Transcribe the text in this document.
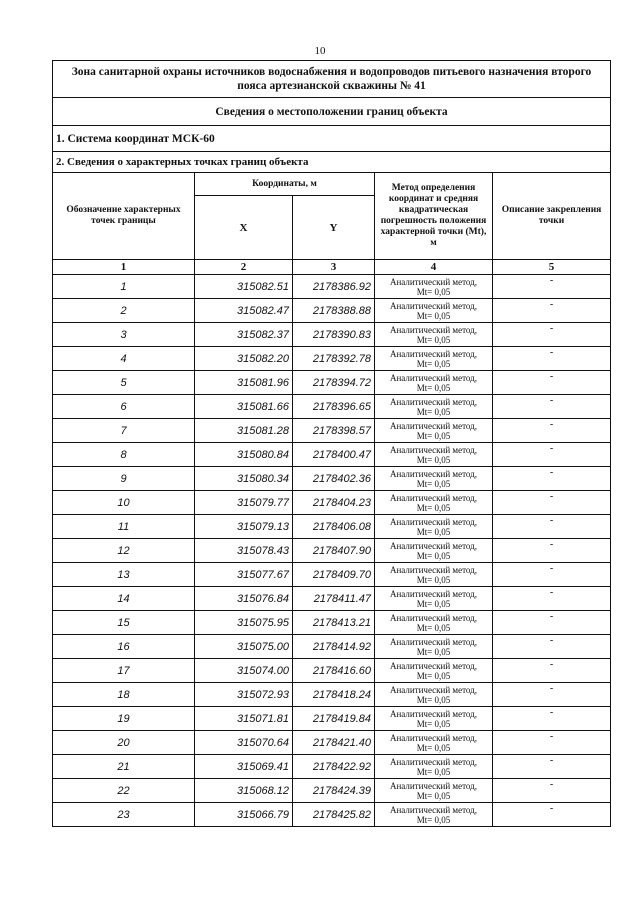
10
Зона санитарной охраны источников водоснабжения и водопроводов питьевого назначения второго пояса артезианской скважины № 41				
Сведения о местоположении границ объекта				
1. Система координат МСК-60				
2. Сведения о характерных точках границ объекта				
Обозначение характерных точек границы	Координаты, м		Метод определения координат и средняя квадратическая погрешность положения характерной точки (Mt), м	Описание закрепления точки
	X	Y		
1	2	3	4	5
1	315082.51	2178386.92	Аналитический метод,
Mt= 0,05	-
2	315082.47	2178388.88	Аналитический метод,
Mt= 0,05	-
3	315082.37	2178390.83	Аналитический метод,
Mt= 0,05	-
4	315082.20	2178392.78	Аналитический метод,
Mt= 0,05	-
5	315081.96	2178394.72	Аналитический метод,
Mt= 0,05	-
6	315081.66	2178396.65	Аналитический метод,
Mt= 0,05	-
7	315081.28	2178398.57	Аналитический метод,
Mt= 0,05	-
8	315080.84	2178400.47	Аналитический метод,
Mt= 0,05	-
9	315080.34	2178402.36	Аналитический метод,
Mt= 0,05	-
10	315079.77	2178404.23	Аналитический метод,
Mt= 0,05	-
11	315079.13	2178406.08	Аналитический метод,
Mt= 0,05	-
12	315078.43	2178407.90	Аналитический метод,
Mt= 0,05	-
13	315077.67	2178409.70	Аналитический метод,
Mt= 0,05	-
14	315076.84	2178411.47	Аналитический метод,
Mt= 0,05	-
15	315075.95	2178413.21	Аналитический метод,
Mt= 0,05	-
16	315075.00	2178414.92	Аналитический метод,
Mt= 0,05	-
17	315074.00	2178416.60	Аналитический метод,
Mt= 0,05	-
18	315072.93	2178418.24	Аналитический метод,
Mt= 0,05	-
19	315071.81	2178419.84	Аналитический метод,
Mt= 0,05	-
20	315070.64	2178421.40	Аналитический метод,
Mt= 0,05	-
21	315069.41	2178422.92	Аналитический метод,
Mt= 0,05	-
22	315068.12	2178424.39	Аналитический метод,
Mt= 0,05	-
23	315066.79	2178425.82	Аналитический метод,
Mt= 0,05	-
